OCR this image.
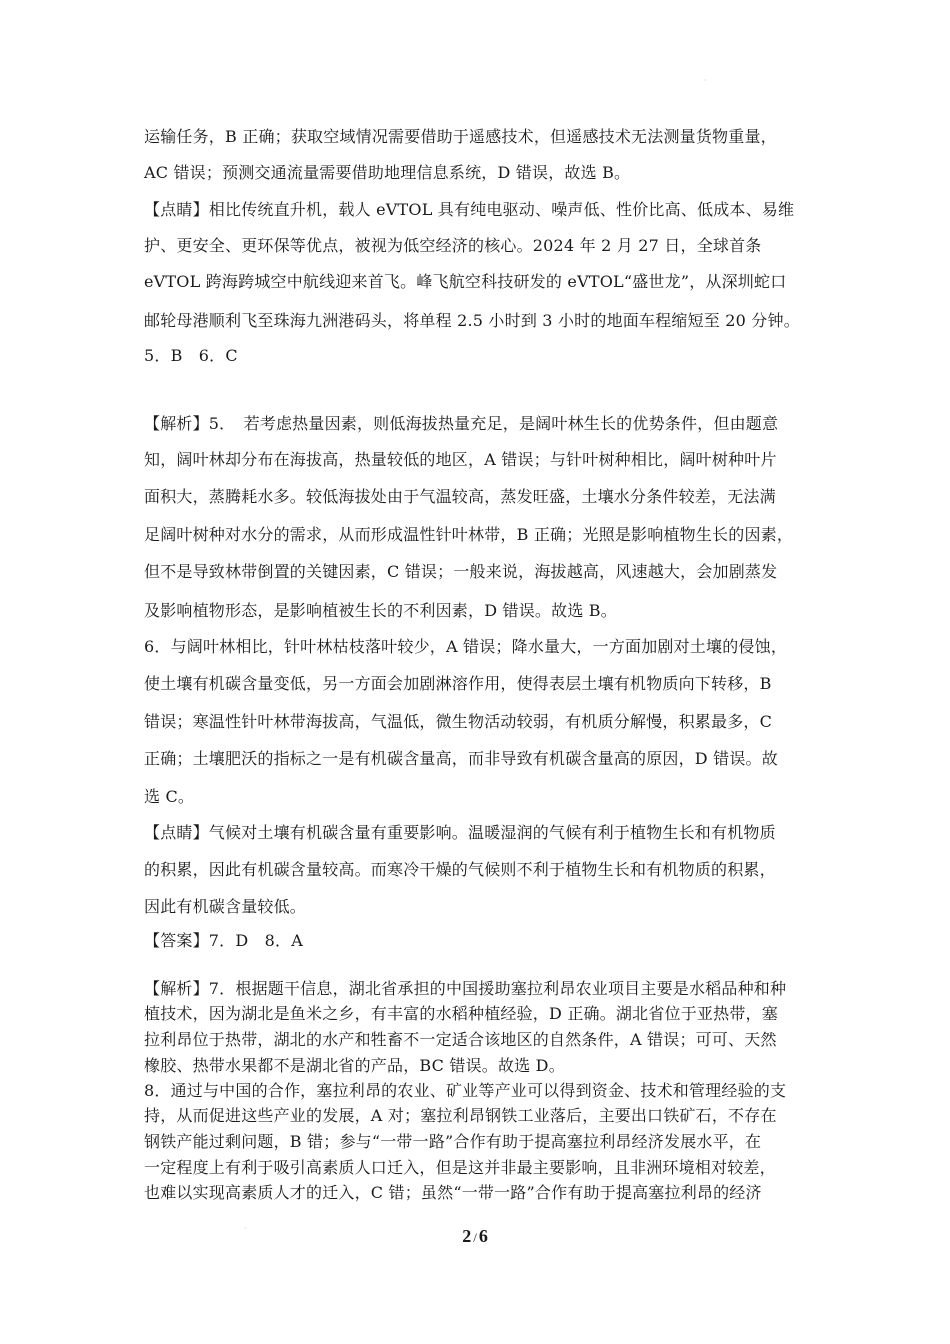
·
·
运输任务，B 正确；获取空域情况需要借助于遥感技术，但遥感技术无法测量货物重量，
AC 错误；预测交通流量需要借助地理信息系统，D 错误，故选 B。
【点睛】相比传统直升机，载人 eVTOL 具有纯电驱动、噪声低、性价比高、低成本、易维
护、更安全、更环保等优点，被视为低空经济的核心。2024 年 2 月 27 日，全球首条
eVTOL 跨海跨城空中航线迎来首飞。峰飞航空科技研发的 eVTOL“盛世龙”，从深圳蛇口
邮轮母港顺利飞至珠海九洲港码头，将单程 2.5 小时到 3 小时的地面车程缩短至 20 分钟。
5．B　6．C
【解析】5．　若考虑热量因素，则低海拔热量充足，是阔叶林生长的优势条件，但由题意
知，阔叶林却分布在海拔高，热量较低的地区，A 错误；与针叶树种相比，阔叶树种叶片
面积大，蒸腾耗水多。较低海拔处由于气温较高，蒸发旺盛，土壤水分条件较差，无法满
足阔叶树种对水分的需求，从而形成温性针叶林带，B 正确；光照是影响植物生长的因素，
但不是导致林带倒置的关键因素，C 错误；一般来说，海拔越高，风速越大，会加剧蒸发
及影响植物形态，是影响植被生长的不利因素，D 错误。故选 B。
6．与阔叶林相比，针叶林枯枝落叶较少，A 错误；降水量大，一方面加剧对土壤的侵蚀，
使土壤有机碳含量变低，另一方面会加剧淋溶作用，使得表层土壤有机物质向下转移，B
错误；寒温性针叶林带海拔高，气温低，微生物活动较弱，有机质分解慢，积累最多，C
正确；土壤肥沃的指标之一是有机碳含量高，而非导致有机碳含量高的原因，D 错误。故
选 C。
【点睛】气候对土壤有机碳含量有重要影响。温暖湿润的气候有利于植物生长和有机物质
的积累，因此有机碳含量较高。而寒冷干燥的气候则不利于植物生长和有机物质的积累，
因此有机碳含量较低。
【答案】7．D　8．A
【解析】7．根据题干信息，湖北省承担的中国援助塞拉利昂农业项目主要是水稻品种和种
植技术，因为湖北是鱼米之乡，有丰富的水稻种植经验，D 正确。湖北省位于亚热带，塞
拉利昂位于热带，湖北的水产和牲畜不一定适合该地区的自然条件，A 错误；可可、天然
橡胶、热带水果都不是湖北省的产品，BC 错误。故选 D。
8．通过与中国的合作，塞拉利昂的农业、矿业等产业可以得到资金、技术和管理经验的支
持，从而促进这些产业的发展，A 对；塞拉利昂钢铁工业落后，主要出口铁矿石，不存在
钢铁产能过剩问题，B 错；参与“一带一路”合作有助于提高塞拉利昂经济发展水平，在
一定程度上有利于吸引高素质人口迁入，但是这并非最主要影响，且非洲环境相对较差，
也难以实现高素质人才的迁入，C 错；虽然“一带一路”合作有助于提高塞拉利昂的经济
2 / 6
